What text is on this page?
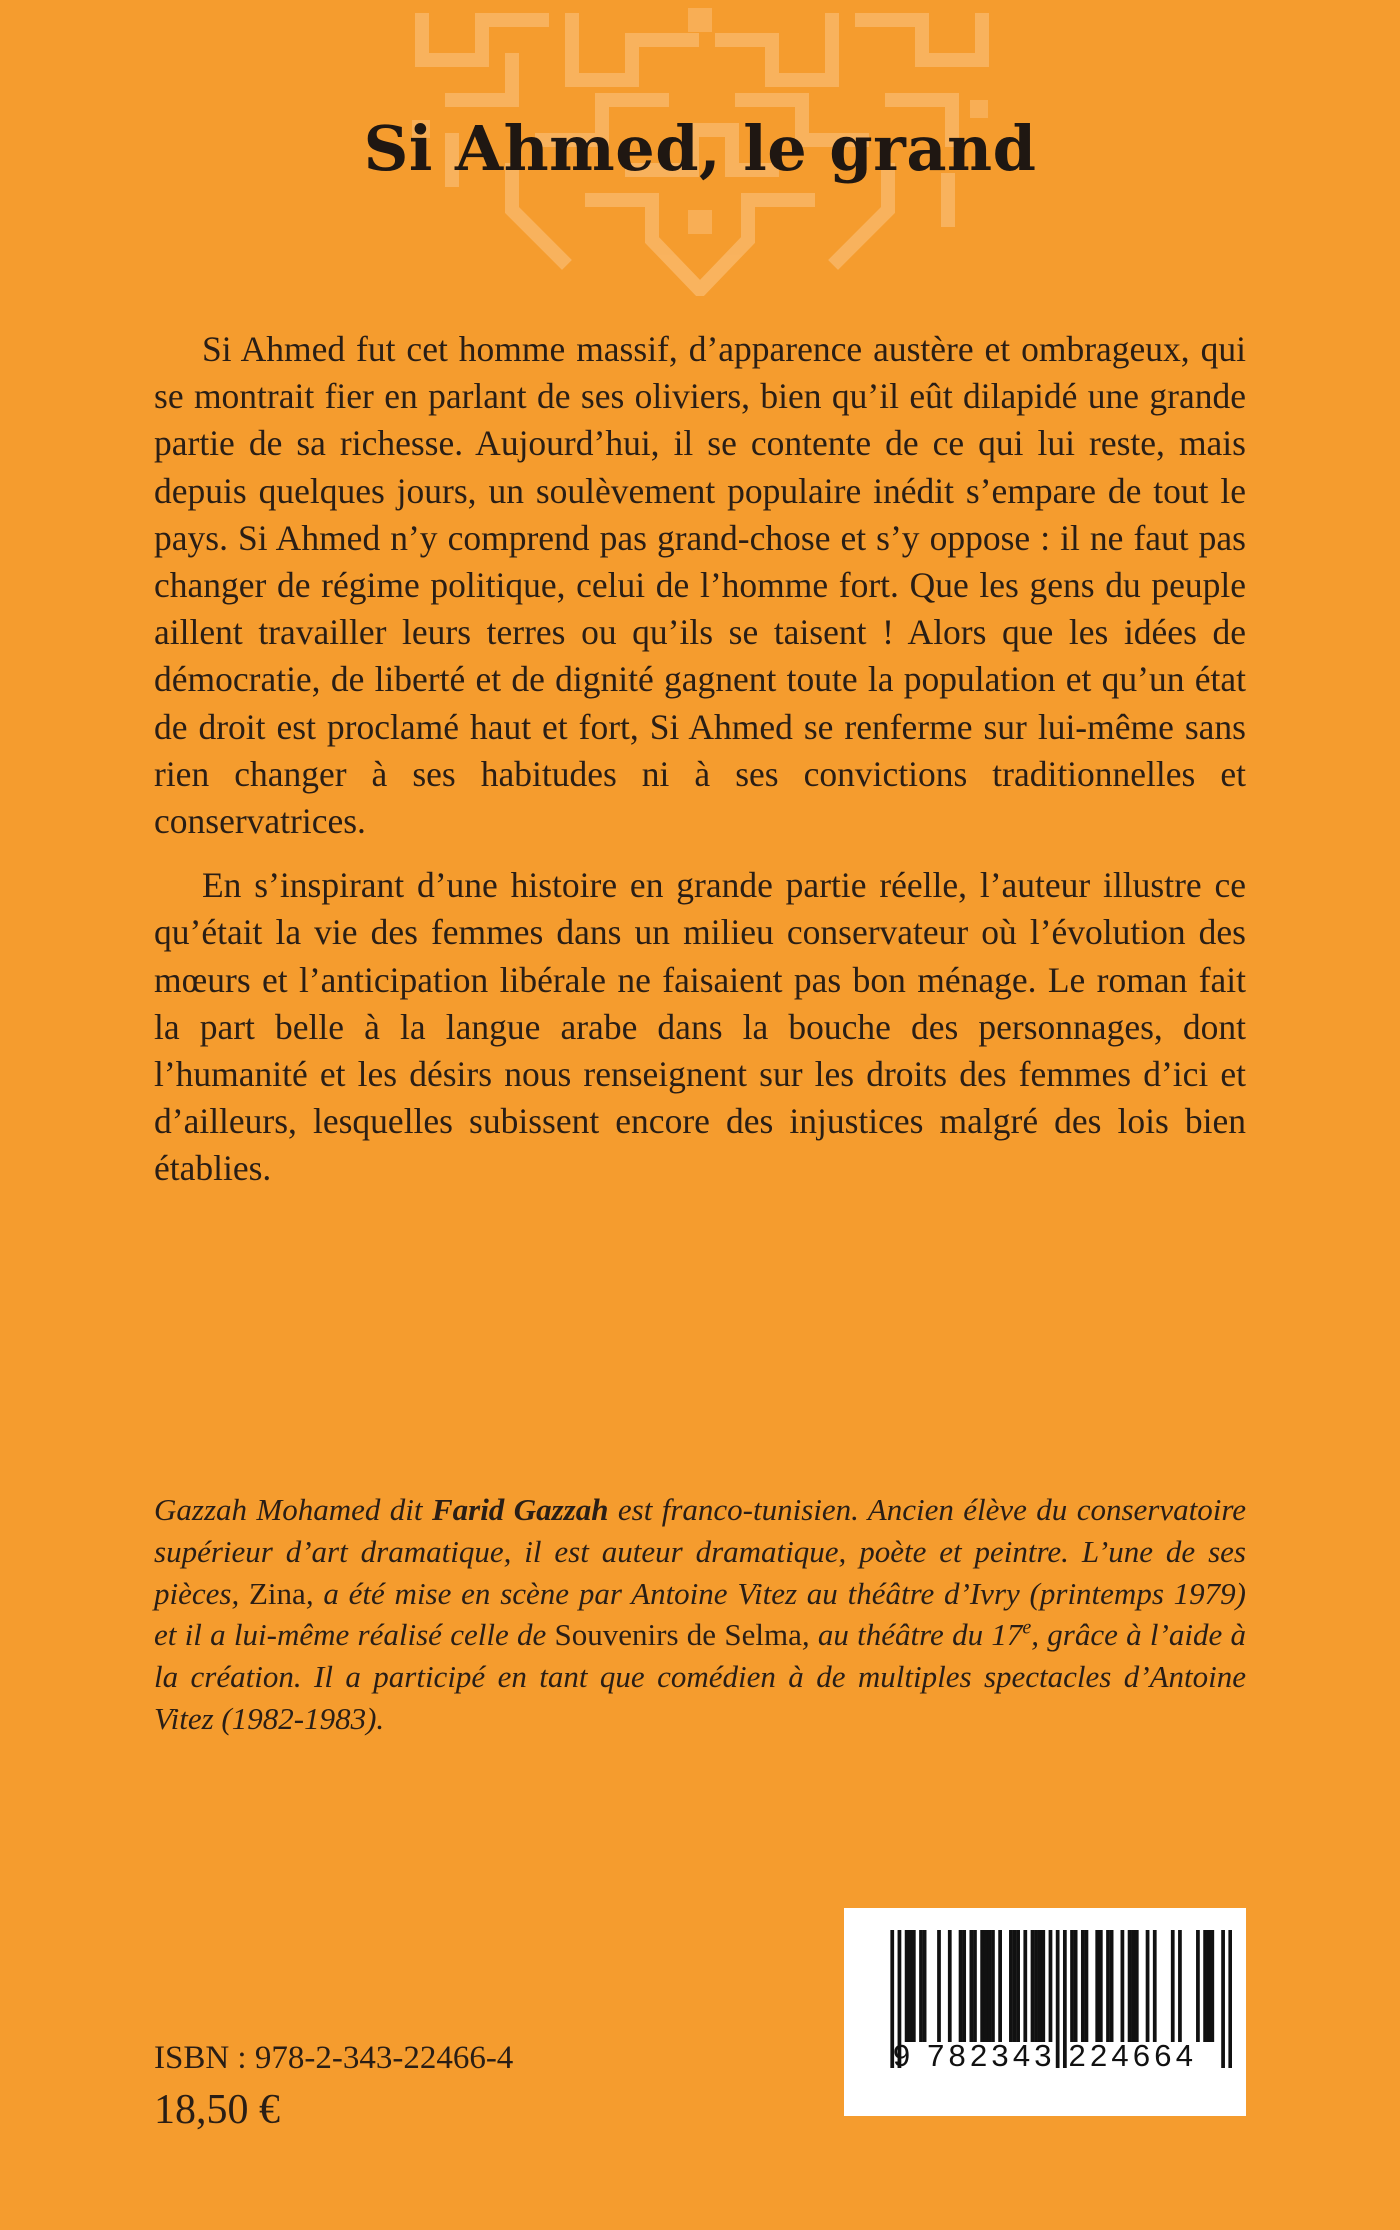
Si Ahmed, le grand

Si Ahmed fut cet homme massif, d’apparence austère et ombrageux, qui se montrait fier en parlant de ses oliviers, bien qu’il eût dilapidé une grande partie de sa richesse. Aujourd’hui, il se contente de ce qui lui reste, mais depuis quelques jours, un soulèvement populaire inédit s’empare de tout le pays. Si Ahmed n’y comprend pas grand-chose et s’y oppose : il ne faut pas changer de régime politique, celui de l’homme fort. Que les gens du peuple aillent travailler leurs terres ou qu’ils se taisent ! Alors que les idées de démocratie, de liberté et de dignité gagnent toute la population et qu’un état de droit est proclamé haut et fort, Si Ahmed se renferme sur lui-même sans rien changer à ses habitudes ni à ses convictions traditionnelles et conservatrices.

En s’inspirant d’une histoire en grande partie réelle, l’auteur illustre ce qu’était la vie des femmes dans un milieu conservateur où l’évolution des mœurs et l’anticipation libérale ne faisaient pas bon ménage. Le roman fait la part belle à la langue arabe dans la bouche des personnages, dont l’humanité et les désirs nous renseignent sur les droits des femmes d’ici et d’ailleurs, lesquelles subissent encore des injustices malgré des lois bien établies.

Gazzah Mohamed dit Farid Gazzah est franco-tunisien. Ancien élève du conservatoire supérieur d’art dramatique, il est auteur dramatique, poète et peintre. L’une de ses pièces, Zina, a été mise en scène par Antoine Vitez au théâtre d’Ivry (printemps 1979) et il a lui-même réalisé celle de Souvenirs de Selma, au théâtre du 17e, grâce à l’aide à la création. Il a participé en tant que comédien à de multiples spectacles d’Antoine Vitez (1982-1983).
9 782343 224664
ISBN : 978-2-343-22466-4
18,50 €
